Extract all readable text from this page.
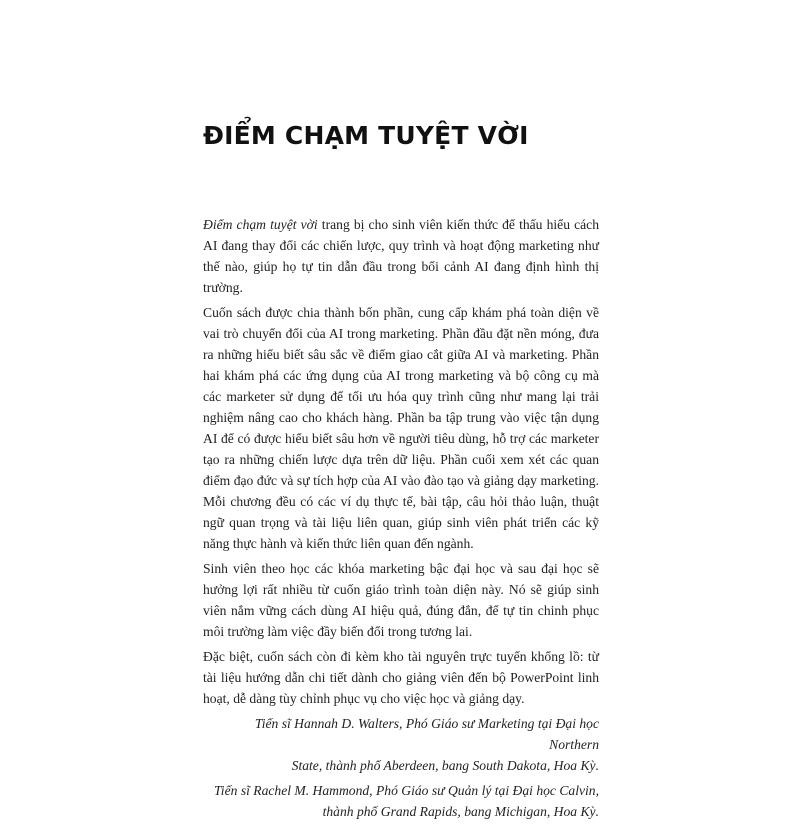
ĐIỂM CHẠM TUYỆT VỜI

Điểm chạm tuyệt vời trang bị cho sinh viên kiến thức để thấu hiểu cách AI đang thay đổi các chiến lược, quy trình và hoạt động marketing như thế nào, giúp họ tự tin dẫn đầu trong bối cảnh AI đang định hình thị trường.

Cuốn sách được chia thành bốn phần, cung cấp khám phá toàn diện về vai trò chuyển đổi của AI trong marketing. Phần đầu đặt nền móng, đưa ra những hiểu biết sâu sắc về điểm giao cắt giữa AI và marketing. Phần hai khám phá các ứng dụng của AI trong marketing và bộ công cụ mà các marketer sử dụng để tối ưu hóa quy trình cũng như mang lại trải nghiệm nâng cao cho khách hàng. Phần ba tập trung vào việc tận dụng AI để có được hiểu biết sâu hơn về người tiêu dùng, hỗ trợ các marketer tạo ra những chiến lược dựa trên dữ liệu. Phần cuối xem xét các quan điểm đạo đức và sự tích hợp của AI vào đào tạo và giảng dạy marketing. Mỗi chương đều có các ví dụ thực tế, bài tập, câu hỏi thảo luận, thuật ngữ quan trọng và tài liệu liên quan, giúp sinh viên phát triển các kỹ năng thực hành và kiến thức liên quan đến ngành.

Sinh viên theo học các khóa marketing bậc đại học và sau đại học sẽ hưởng lợi rất nhiều từ cuốn giáo trình toàn diện này. Nó sẽ giúp sinh viên nắm vững cách dùng AI hiệu quả, đúng đắn, để tự tin chinh phục môi trường làm việc đầy biến đổi trong tương lai.

Đặc biệt, cuốn sách còn đi kèm kho tài nguyên trực tuyến khổng lồ: từ tài liệu hướng dẫn chi tiết dành cho giảng viên đến bộ PowerPoint linh hoạt, dễ dàng tùy chỉnh phục vụ cho việc học và giảng dạy.

Tiến sĩ Hannah D. Walters, Phó Giáo sư Marketing tại Đại học Northern
State, thành phố Aberdeen, bang South Dakota, Hoa Kỳ.
Tiến sĩ Rachel M. Hammond, Phó Giáo sư Quản lý tại Đại học Calvin,
thành phố Grand Rapids, bang Michigan, Hoa Kỳ.
